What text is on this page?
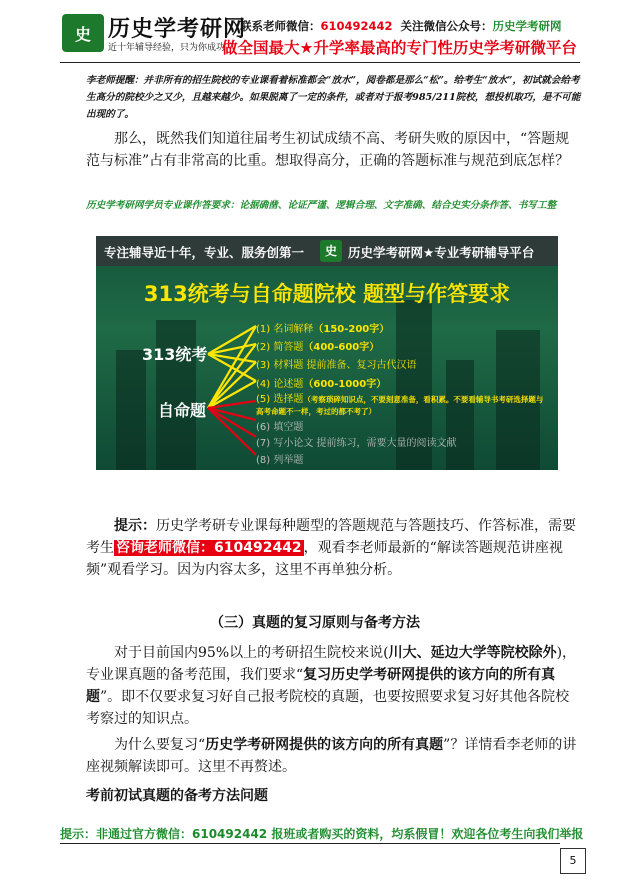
史 历史学考研网
近十年辅导经验，只为你成功
联系老师微信：610492442 关注微信公众号：历史学考研网
做全国最大★升学率最高的专门性历史学考研微平台
李老师提醒：并非所有的招生院校的专业课看着标准都会“放水”，阅卷都是那么“松”。给考生“放水”，初试就会给考生高分的院校少之又少，且越来越少。如果脱离了一定的条件，或者对于报考985/211院校，想投机取巧，是不可能出现的了。
那么，既然我们知道往届考生初试成绩不高、考研失败的原因中，“答题规范与标准”占有非常高的比重。想取得高分，正确的答题标准与规范到底怎样？
历史学考研网学员专业课作答要求：论据确凿、论证严谨、逻辑合理、文字准确、结合史实分条作答、书写工整
专注辅导近十年，专业、服务创第一	史 历史学考研网★专业考研辅导平台
313统考与自命题院校 题型与作答要求
313统考
自命题
(1) 名词解释（150-200字）
(2) 简答题（400-600字）
(3) 材料题 提前准备、复习古代汉语
(4) 论述题（600-1000字）
(5) 选择题（考察琐碎知识点，不要刻意准备，看积累。不要看辅导书考研选择题与高考命题不一样，考过的都不考了）
(6) 填空题
(7) 写小论文 提前练习，需要大量的阅读文献
(8) 列举题
提示：历史学考研专业课每种题型的答题规范与答题技巧、作答标准，需要考生 咨询老师微信：610492442 ，观看李老师最新的“解读答题规范讲座视频”观看学习。因为内容太多，这里不再单独分析。
（三）真题的复习原则与备考方法
对于目前国内95%以上的考研招生院校来说(川大、延边大学等院校除外)，专业课真题的备考范围，我们要求“复习历史学考研网提供的该方向的所有真题”。即不仅要求复习好自己报考院校的真题，也要按照要求复习好其他各院校考察过的知识点。
为什么要复习“历史学考研网提供的该方向的所有真题”？详情看李老师的讲座视频解读即可。这里不再赘述。
考前初试真题的备考方法问题
提示：非通过官方微信：610492442 报班或者购买的资料，均系假冒！欢迎各位考生向我们举报
5
